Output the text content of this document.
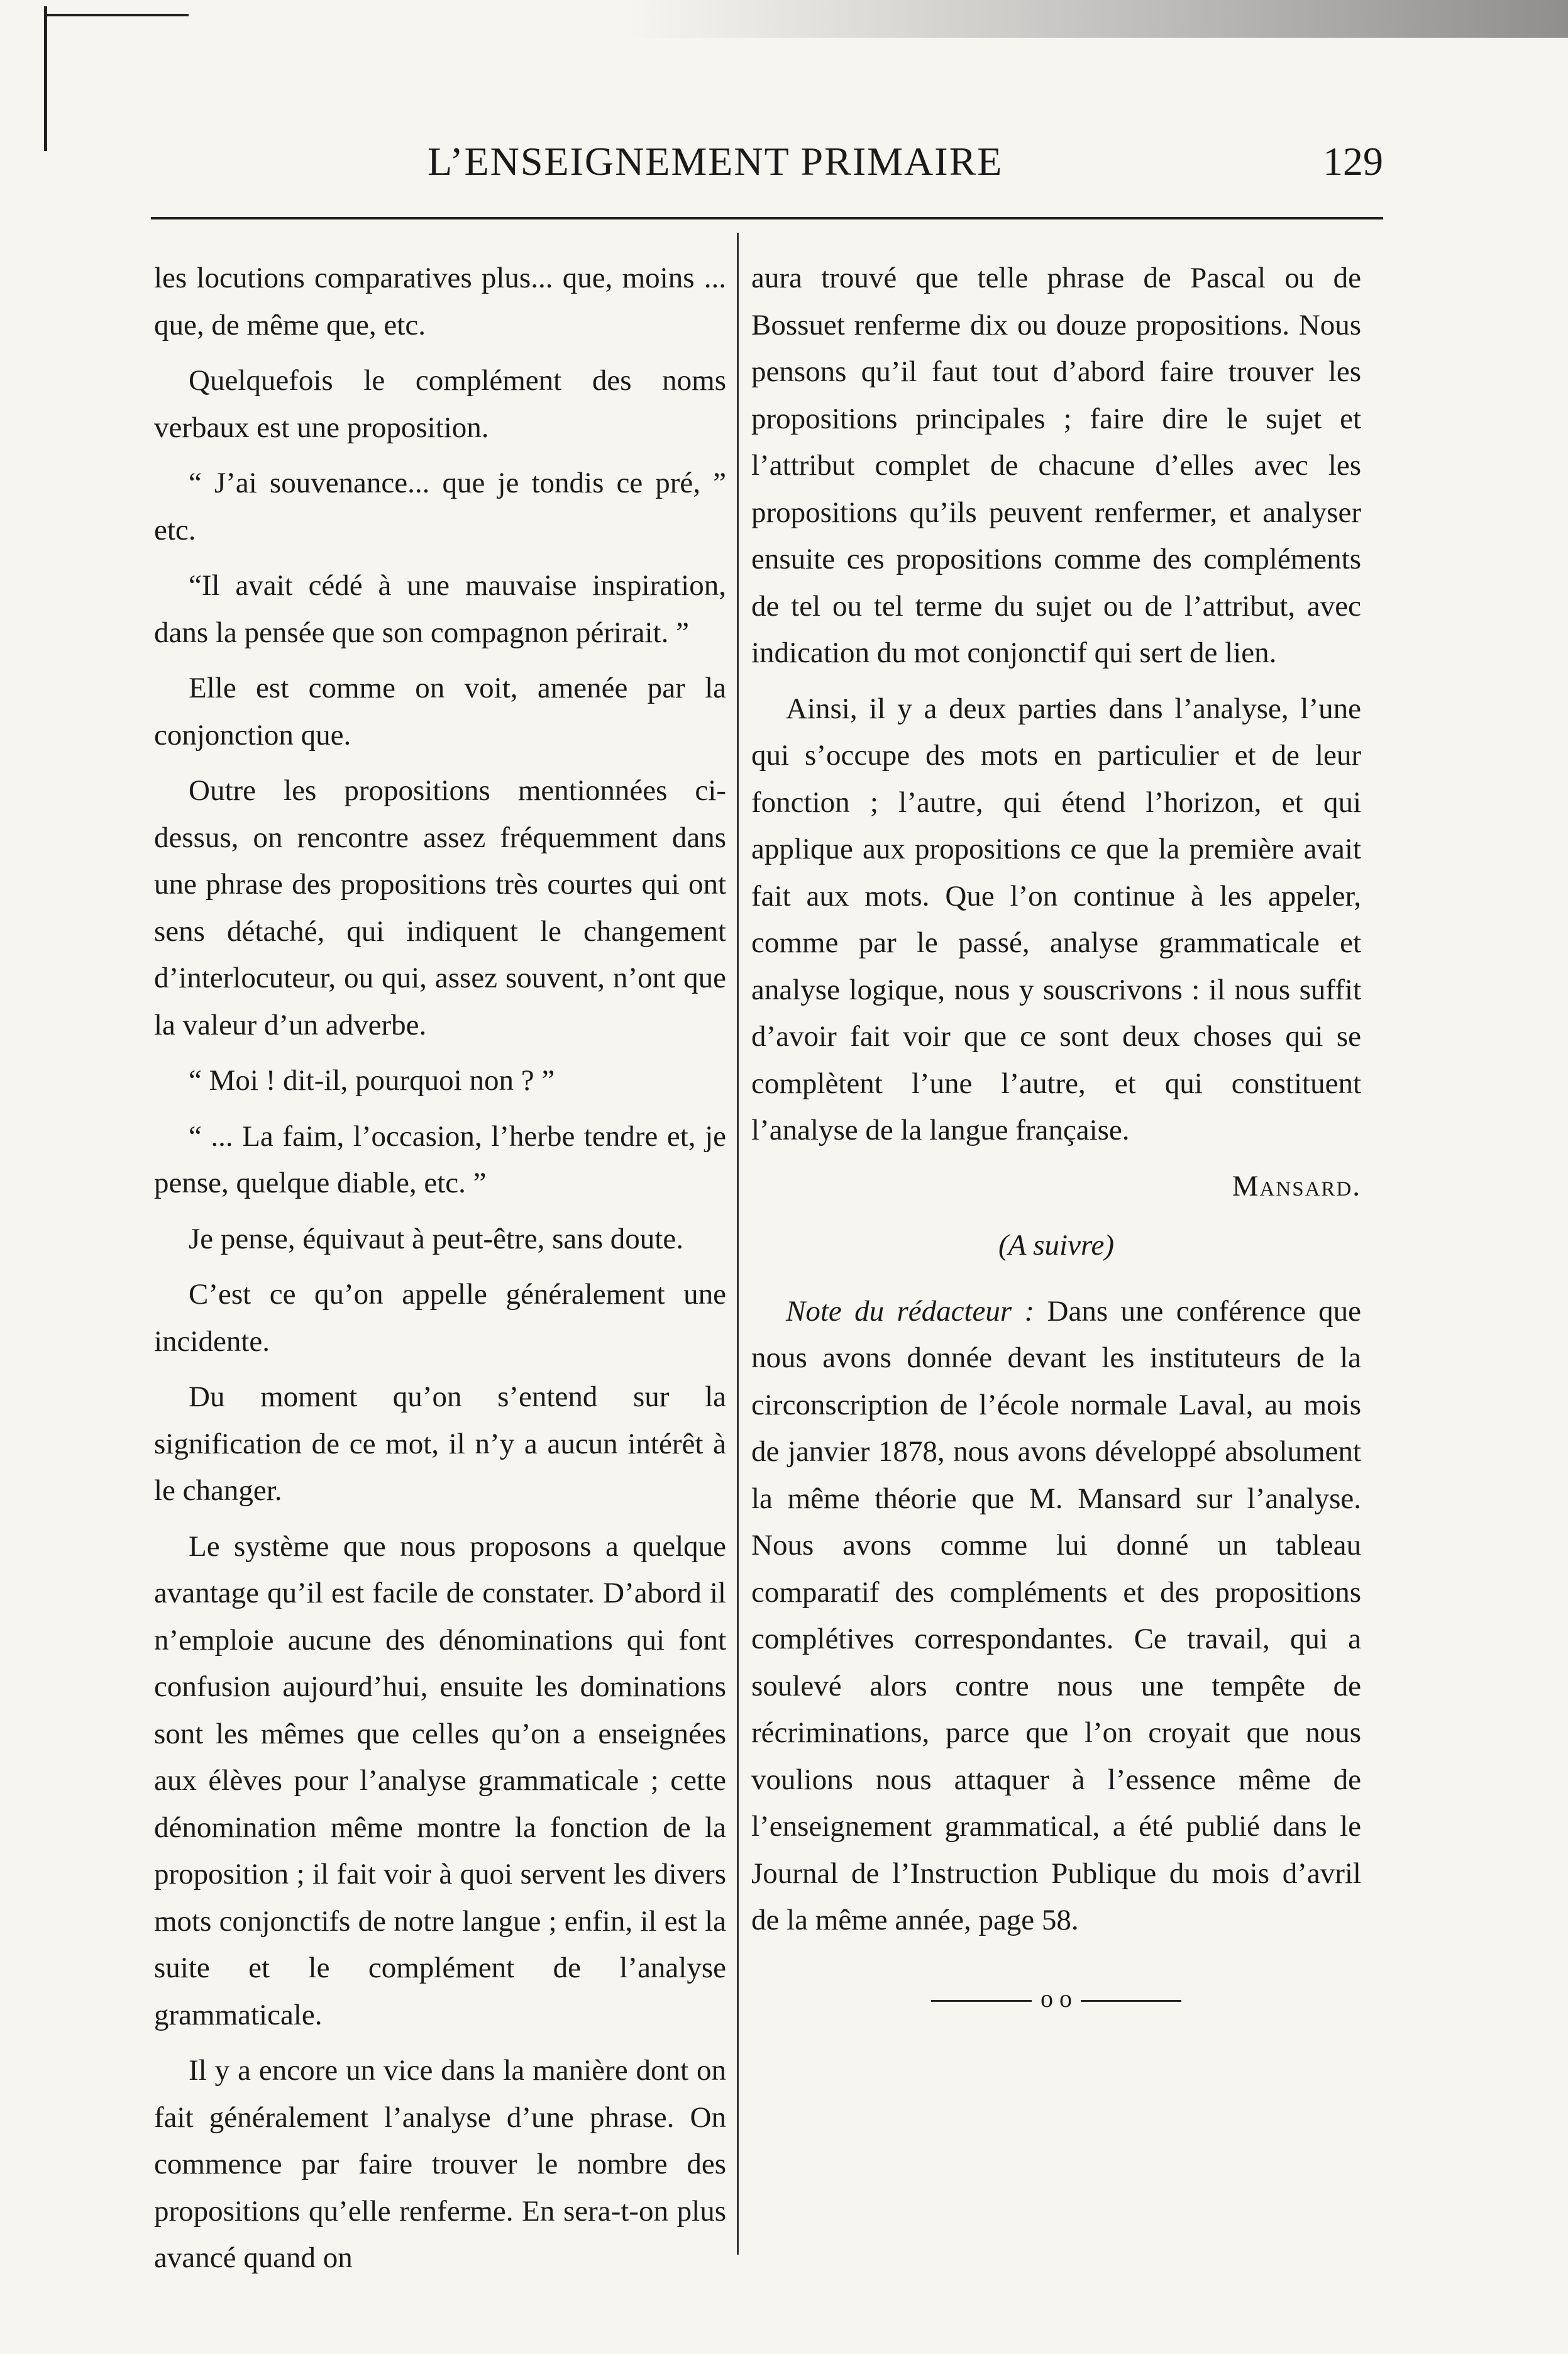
L’ENSEIGNEMENT PRIMAIRE	129

les locutions comparatives plus... que, moins ... que, de même que, etc.

Quelquefois le complément des noms verbaux est une proposition.

“ J’ai souvenance... que je tondis ce pré, ” etc.

“Il avait cédé à une mauvaise inspiration, dans la pensée que son compagnon périrait. ”

Elle est comme on voit, amenée par la conjonction que.

Outre les propositions mentionnées ci-dessus, on rencontre assez fréquemment dans une phrase des propositions très courtes qui ont sens détaché, qui indiquent le changement d’interlocuteur, ou qui, assez souvent, n’ont que la valeur d’un adverbe.

“ Moi ! dit-il, pourquoi non ? ”

“ ... La faim, l’occasion, l’herbe tendre et, je pense, quelque diable, etc. ”

Je pense, équivaut à peut-être, sans doute.

C’est ce qu’on appelle généralement une incidente.

Du moment qu’on s’entend sur la signification de ce mot, il n’y a aucun intérêt à le changer.

Le système que nous proposons a quelque avantage qu’il est facile de constater. D’abord il n’emploie aucune des dénominations qui font confusion aujourd’hui, ensuite les dominations sont les mêmes que celles qu’on a enseignées aux élèves pour l’analyse grammaticale ; cette dénomination même montre la fonction de la proposition ; il fait voir à quoi servent les divers mots conjonctifs de notre langue ; enfin, il est la suite et le complément de l’analyse grammaticale.

Il y a encore un vice dans la manière dont on fait généralement l’analyse d’une phrase. On commence par faire trouver le nombre des propositions qu’elle renferme. En sera-t-on plus avancé quand on

aura trouvé que telle phrase de Pascal ou de Bossuet renferme dix ou douze propositions. Nous pensons qu’il faut tout d’abord faire trouver les propositions principales ; faire dire le sujet et l’attribut complet de chacune d’elles avec les propositions qu’ils peuvent renfermer, et analyser ensuite ces propositions comme des compléments de tel ou tel terme du sujet ou de l’attribut, avec indication du mot conjonctif qui sert de lien.

Ainsi, il y a deux parties dans l’analyse, l’une qui s’occupe des mots en particulier et de leur fonction ; l’autre, qui étend l’horizon, et qui applique aux propositions ce que la première avait fait aux mots. Que l’on continue à les appeler, comme par le passé, analyse grammaticale et analyse logique, nous y souscrivons : il nous suffit d’avoir fait voir que ce sont deux choses qui se complètent l’une l’autre, et qui constituent l’analyse de la langue française.

Mansard.

(A suivre)

Note du rédacteur : Dans une conférence que nous avons donnée devant les instituteurs de la circonscription de l’école normale Laval, au mois de janvier 1878, nous avons développé absolument la même théorie que M. Mansard sur l’analyse. Nous avons comme lui donné un tableau comparatif des compléments et des propositions complétives correspondantes. Ce travail, qui a soulevé alors contre nous une tempête de récriminations, parce que l’on croyait que nous voulions nous attaquer à l’essence même de l’enseignement grammatical, a été publié dans le Journal de l’Instruction Publique du mois d’avril de la même année, page 58.

o o
